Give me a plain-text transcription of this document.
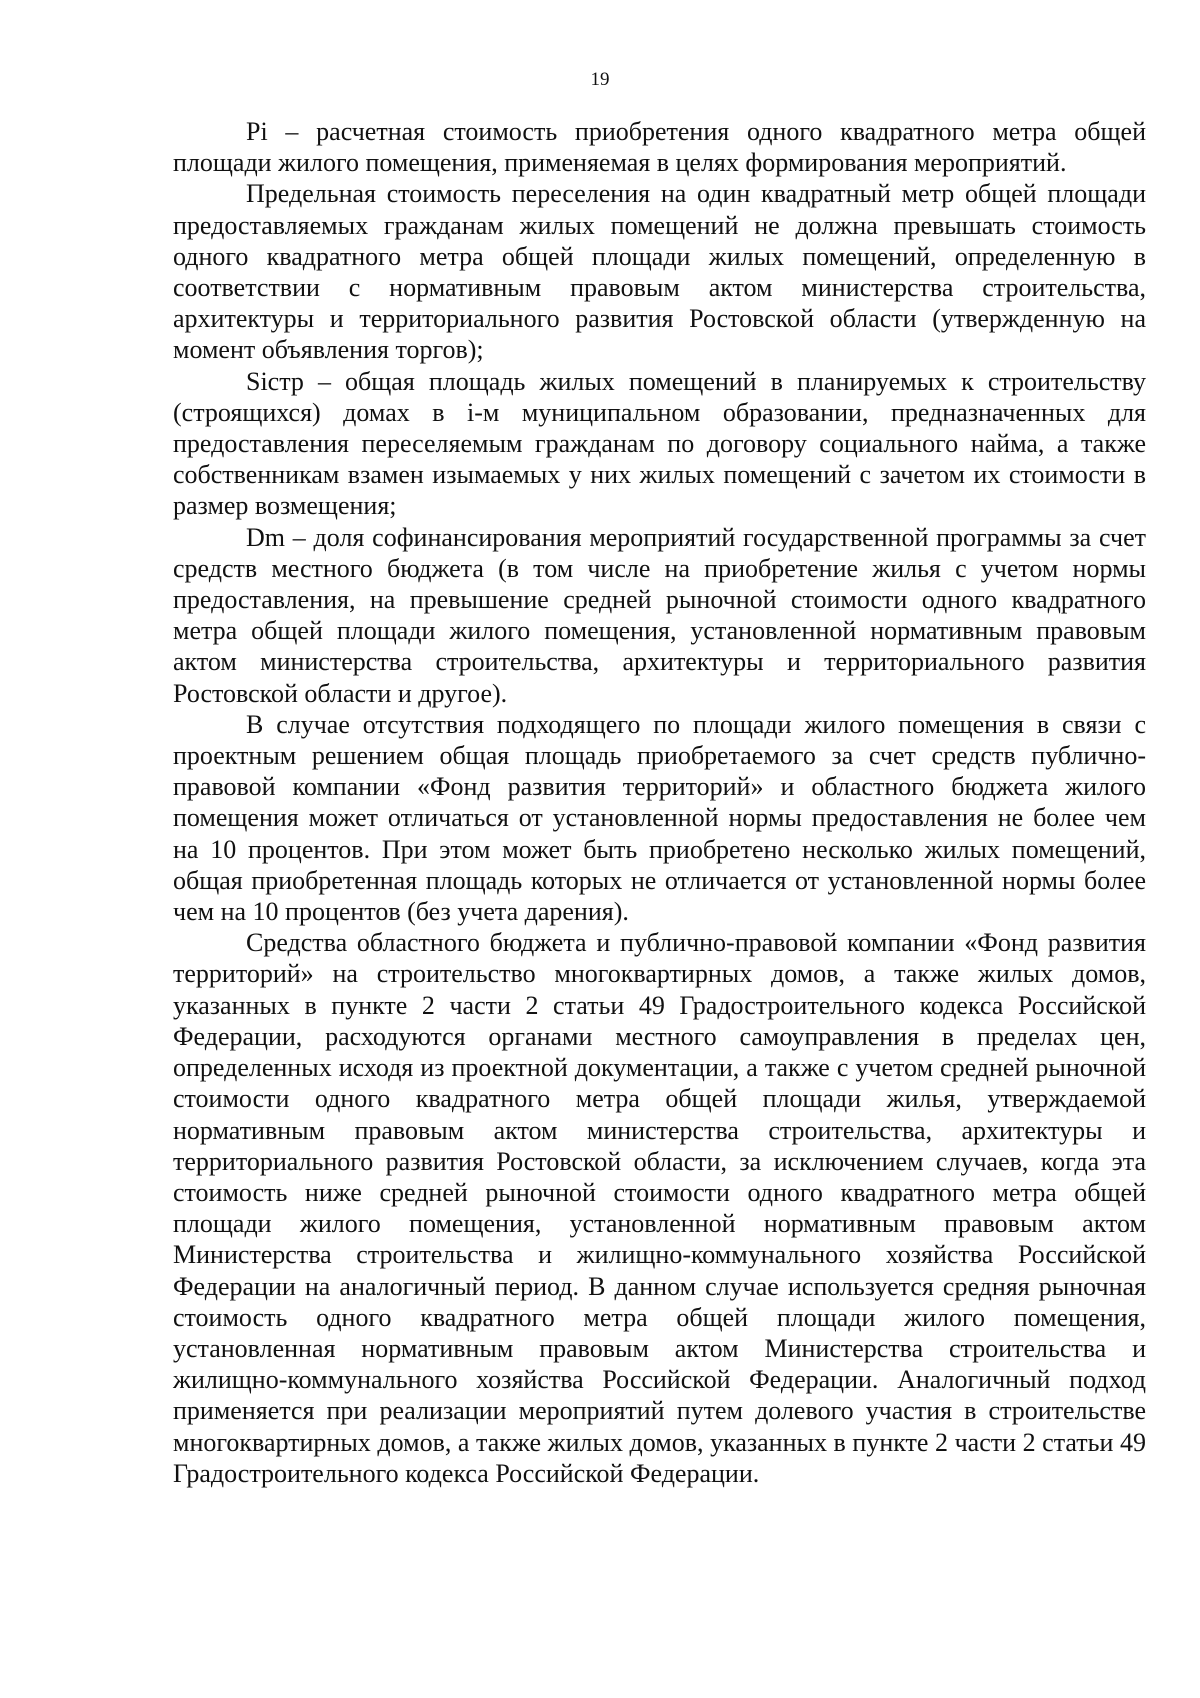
19

Pi – расчетная стоимость приобретения одного квадратного метра общей площади жилого помещения, применяемая в целях формирования мероприятий.

Предельная стоимость переселения на один квадратный метр общей площади предоставляемых гражданам жилых помещений не должна превышать стоимость одного квадратного метра общей площади жилых помещений, определенную в соответствии с нормативным правовым актом министерства строительства, архитектуры и территориального развития Ростовской области (утвержденную на момент объявления торгов);

Sicтр – общая площадь жилых помещений в планируемых к строительству (строящихся) домах в i-м муниципальном образовании, предназначенных для предоставления переселяемым гражданам по договору социального найма, а также собственникам взамен изымаемых у них жилых помещений с зачетом их стоимости в размер возмещения;

Dm – доля софинансирования мероприятий государственной программы за счет средств местного бюджета (в том числе на приобретение жилья с учетом нормы предоставления, на превышение средней рыночной стоимости одного квадратного метра общей площади жилого помещения, установленной нормативным правовым актом министерства строительства, архитектуры и территориального развития Ростовской области и другое).

В случае отсутствия подходящего по площади жилого помещения в связи с проектным решением общая площадь приобретаемого за счет средств публично-правовой компании «Фонд развития территорий» и областного бюджета жилого помещения может отличаться от установленной нормы предоставления не более чем на 10 процентов. При этом может быть приобретено несколько жилых помещений, общая приобретенная площадь которых не отличается от установленной нормы более чем на 10 процентов (без учета дарения).

Средства областного бюджета и публично-правовой компании «Фонд развития территорий» на строительство многоквартирных домов, а также жилых домов, указанных в пункте 2 части 2 статьи 49 Градостроительного кодекса Российской Федерации, расходуются органами местного самоуправления в пределах цен, определенных исходя из проектной документации, а также с учетом средней рыночной стоимости одного квадратного метра общей площади жилья, утверждаемой нормативным правовым актом министерства строительства, архитектуры и территориального развития Ростовской области, за исключением случаев, когда эта стоимость ниже средней рыночной стоимости одного квадратного метра общей площади жилого помещения, установленной нормативным правовым актом Министерства строительства и жилищно-коммунального хозяйства Российской Федерации на аналогичный период. В данном случае используется средняя рыночная стоимость одного квадратного метра общей площади жилого помещения, установленная нормативным правовым актом Министерства строительства и жилищно-коммунального хозяйства Российской Федерации. Аналогичный подход применяется при реализации мероприятий путем долевого участия в строительстве многоквартирных домов, а также жилых домов, указанных в пункте 2 части 2 статьи 49 Градостроительного кодекса Российской Федерации.
